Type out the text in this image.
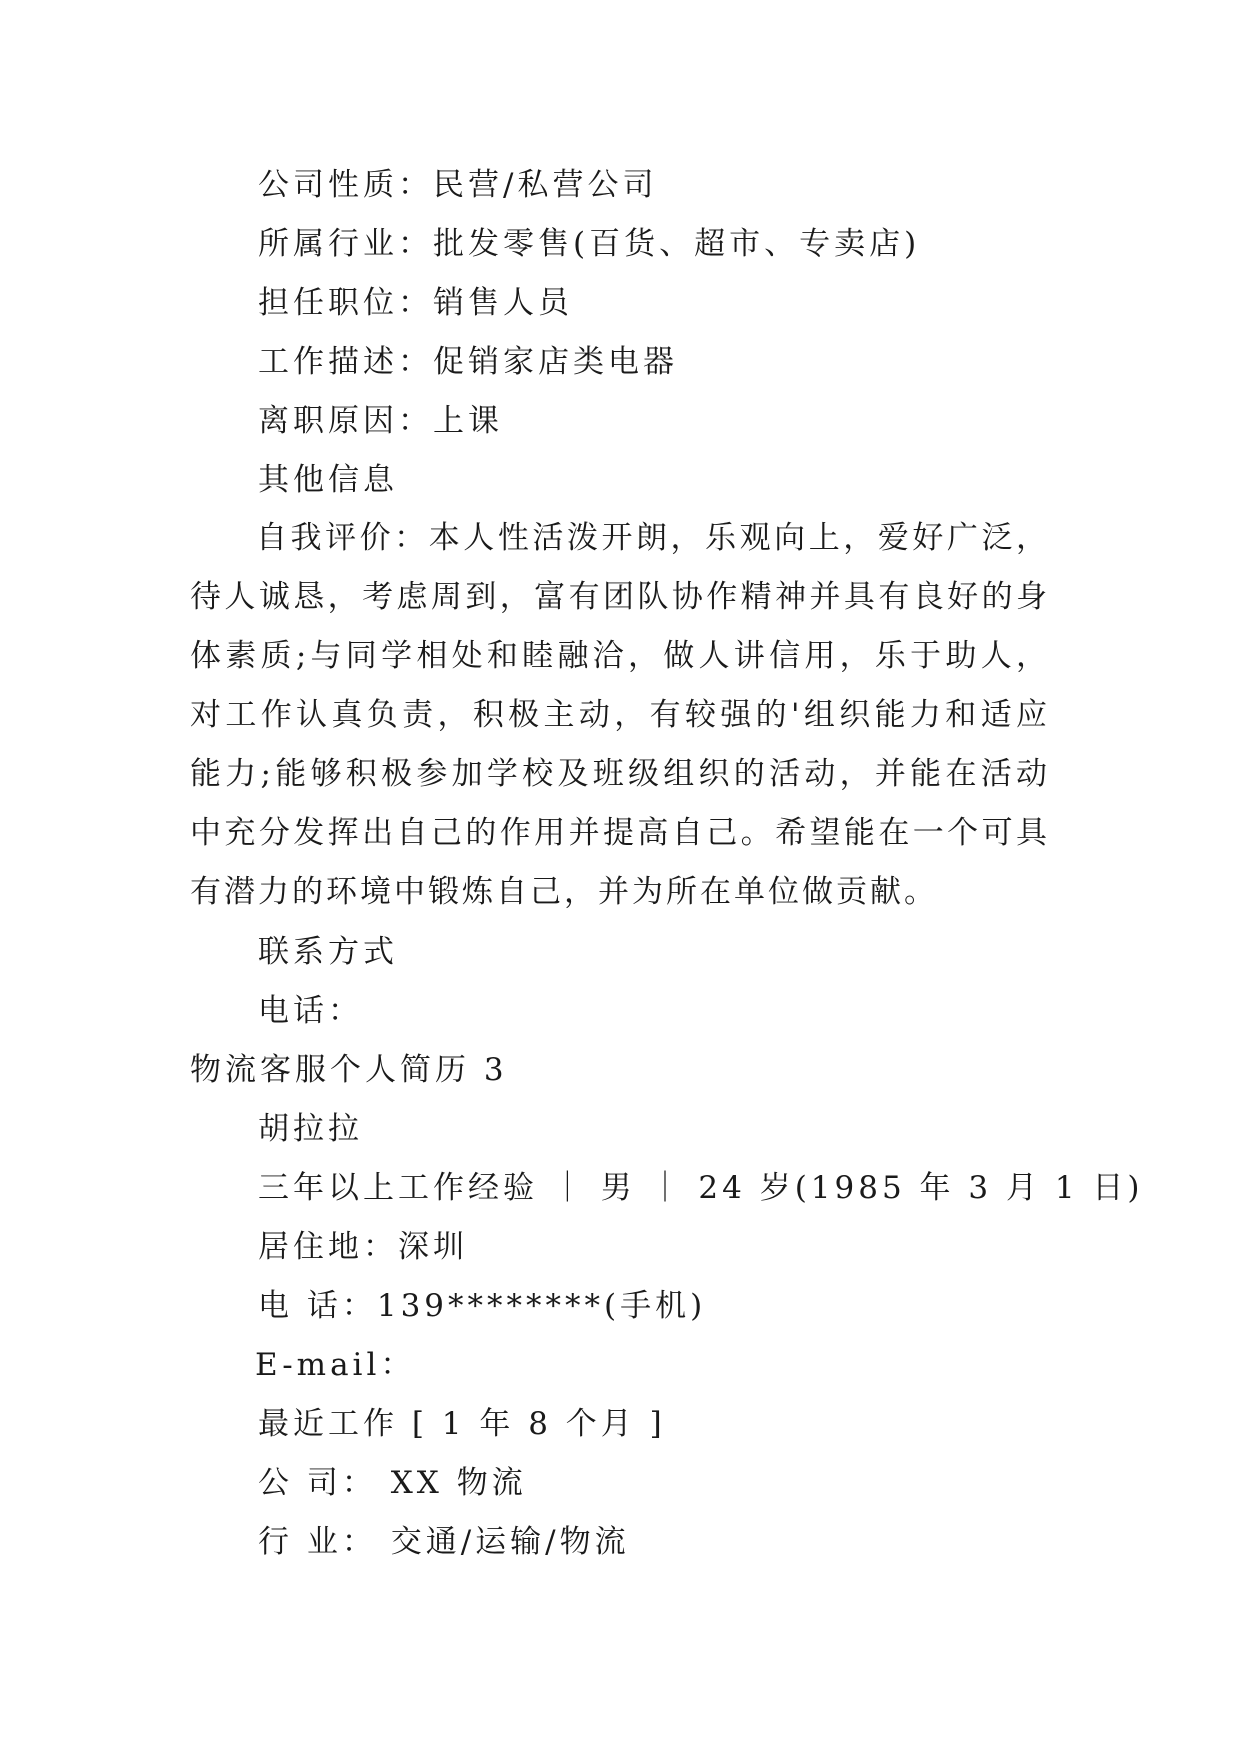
公司性质：民营/私营公司
所属行业：批发零售(百货、超市、专卖店)
担任职位：销售人员
工作描述：促销家店类电器
离职原因：上课
其他信息
自我评价：本人性活泼开朗，乐观向上，爱好广泛，待人诚恳，考虑周到，富有团队协作精神并具有良好的身体素质;与同学相处和睦融洽，做人讲信用，乐于助人，对工作认真负责，积极主动，有较强的'组织能力和适应能力;能够积极参加学校及班级组织的活动，并能在活动中充分发挥出自己的作用并提高自己。希望能在一个可具有潜力的环境中锻炼自己，并为所在单位做贡献。
联系方式
电话：
物流客服个人简历 3
胡拉拉
三年以上工作经验 ｜ 男 ｜ 24 岁(1985 年 3 月 1 日)
居住地：深圳
电 话：139********(手机)
E-mail：
最近工作 [ 1 年 8 个月 ]
公 司： XX 物流
行 业： 交通/运输/物流
